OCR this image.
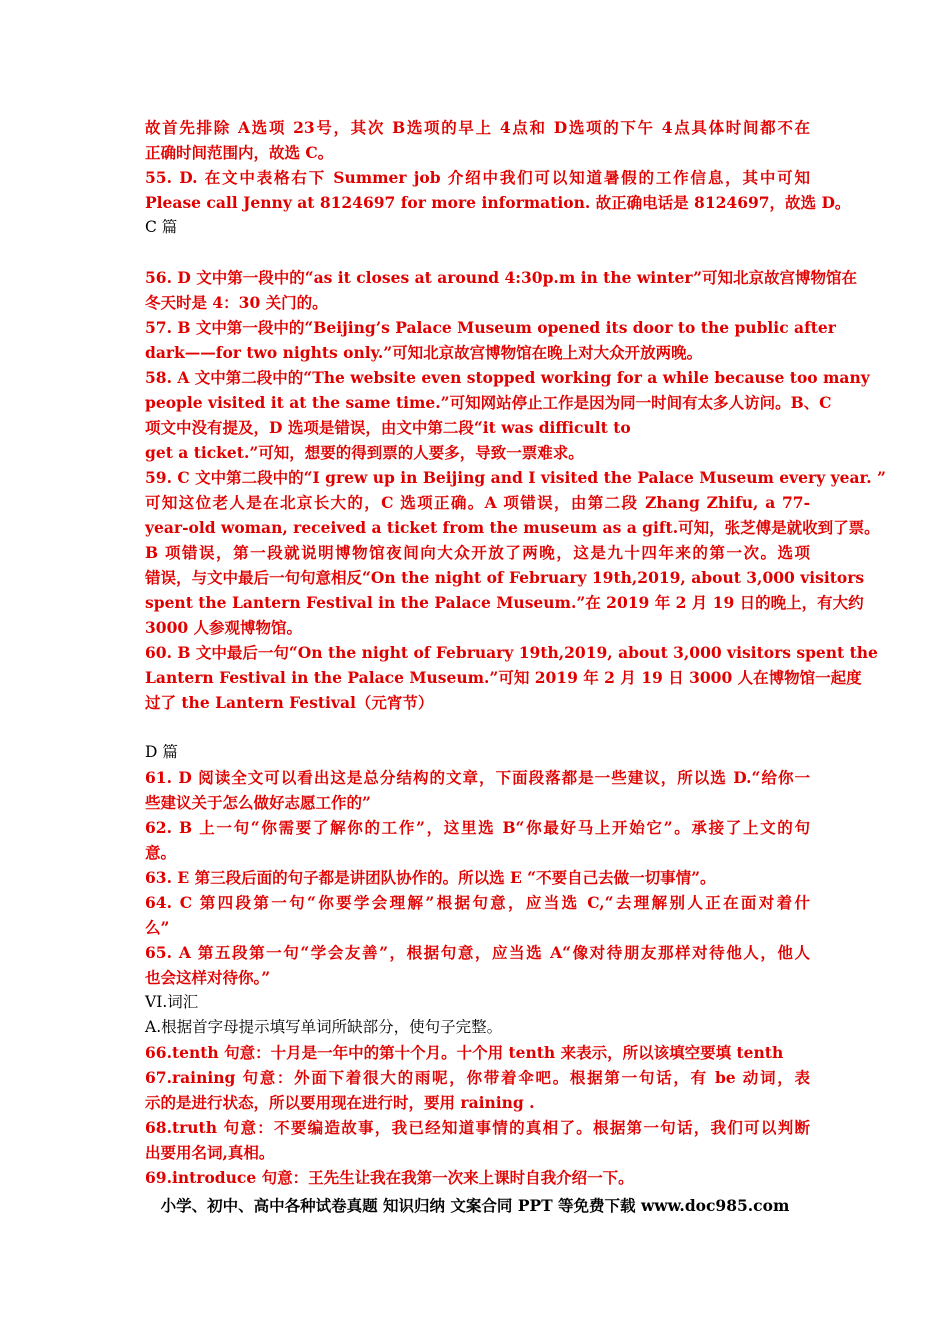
故首先排除 A选项 23号，其次 B选项的早上 4点和 D选项的下午 4点具体时间都不在
正确时间范围内，故选 C。
55. D. 在文中表格右下 Summer job 介绍中我们可以知道暑假的工作信息，其中可知
Please call Jenny at 8124697 for more information. 故正确电话是 8124697，故选 D。
C 篇
56. D 文中第一段中的“as it closes at around 4:30p.m in the winter”可知北京故宫博物馆在
冬天时是 4：30 关门的。
57. B 文中第一段中的“Beijing’s Palace Museum opened its door to the public after
dark——for two nights only.”可知北京故宫博物馆在晚上对大众开放两晚。
58. A 文中第二段中的“The website even stopped working for a while because too many
people visited it at the same time.”可知网站停止工作是因为同一时间有太多人访问。B、C
项文中没有提及，D 选项是错误，由文中第二段“it was difficult to
get a ticket.”可知，想要的得到票的人要多，导致一票难求。
59. C 文中第二段中的“I grew up in Beijing and I visited the Palace Museum every year. ”
可知这位老人是在北京长大的，C 选项正确。A 项错误，由第二段 Zhang Zhifu, a 77-
year-old woman, received a ticket from the museum as a gift.可知，张芝傅是就收到了票。
B 项错误，第一段就说明博物馆夜间向大众开放了两晚，这是九十四年来的第一次。选项
错误，与文中最后一句句意相反“On the night of February 19th,2019, about 3,000 visitors
spent the Lantern Festival in the Palace Museum.”在 2019 年 2 月 19 日的晚上，有大约
3000 人参观博物馆。
60. B 文中最后一句“On the night of February 19th,2019, about 3,000 visitors spent the
Lantern Festival in the Palace Museum.”可知 2019 年 2 月 19 日 3000 人在博物馆一起度
过了 the Lantern Festival（元宵节）
D 篇
61. D 阅读全文可以看出这是总分结构的文章，下面段落都是一些建议，所以选 D.“给你一
些建议关于怎么做好志愿工作的”
62. B 上一句“你需要了解你的工作”，这里选 B“你最好马上开始它”。承接了上文的句
意。
63. E 第三段后面的句子都是讲团队协作的。所以选 E “不要自己去做一切事情”。
64. C 第四段第一句“你要学会理解”根据句意，应当选 C,“去理解别人正在面对着什
么”
65. A 第五段第一句“学会友善”，根据句意，应当选 A“像对待朋友那样对待他人，他人
也会这样对待你。”
VI.词汇
A.根据首字母提示填写单词所缺部分，使句子完整。
66.tenth 句意：十月是一年中的第十个月。十个用 tenth 来表示，所以该填空要填 tenth
67.raining 句意：外面下着很大的雨呢，你带着伞吧。根据第一句话，有 be 动词，表
示的是进行状态，所以要用现在进行时，要用 raining .
68.truth 句意：不要编造故事，我已经知道事情的真相了。根据第一句话，我们可以判断
出要用名词,真相。
69.introduce 句意：王先生让我在我第一次来上课时自我介绍一下。
小学、初中、高中各种试卷真题 知识归纳 文案合同 PPT 等免费下载 www.doc985.com
